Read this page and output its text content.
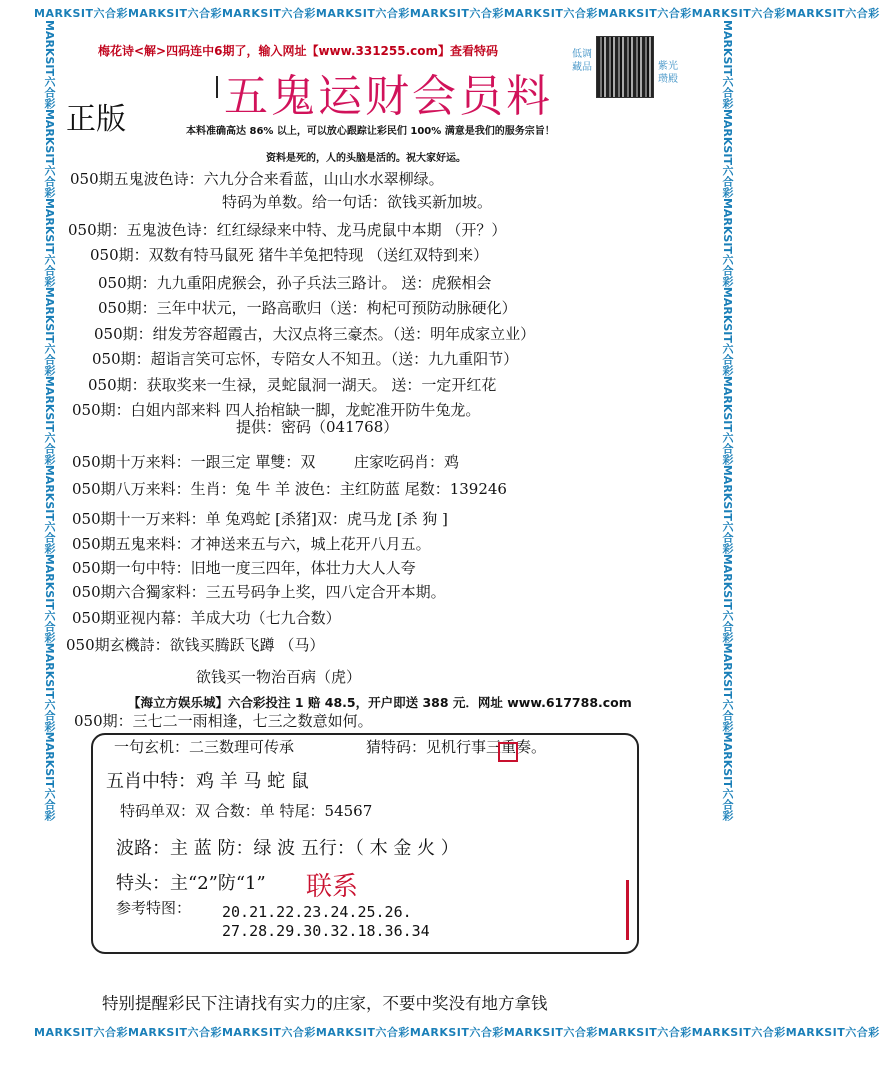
MARKSIT六合彩MARKSIT六合彩MARKSIT六合彩MARKSIT六合彩MARKSIT六合彩MARKSIT六合彩MARKSIT六合彩MARKSIT六合彩MARKSIT六合彩
MARKSIT六合彩MARKSIT六合彩MARKSIT六合彩MARKSIT六合彩MARKSIT六合彩MARKSIT六合彩MARKSIT六合彩MARKSIT六合彩MARKSIT六合彩
MARKSIT六合彩MARKSIT六合彩MARKSIT六合彩MARKSIT六合彩MARKSIT六合彩MARKSIT六合彩MARKSIT六合彩MARKSIT六合彩MARKSIT六合彩	MARKSIT六合彩MARKSIT六合彩MARKSIT六合彩MARKSIT六合彩MARKSIT六合彩MARKSIT六合彩MARKSIT六合彩MARKSIT六合彩MARKSIT六合彩
梅花诗<解>四码连中6期了，输入网址【www.331255.com】查看特码
五鬼运财会员料
正版
低调藏品	紫光瓒殿
本料准确高达 86% 以上，可以放心跟踪让彩民们 100% 满意是我们的服务宗旨！
资料是死的，人的头脑是活的。祝大家好运。
050期五鬼波色诗：六九分合来看蓝，山山水水翠柳绿。
特码为单数。给一句话：欲钱买新加坡。
050期：五鬼波色诗：红红绿绿来中特、龙马虎鼠中本期 （开？）
050期：双数有特马鼠死 猪牛羊兔把特现 （送红双特到来）
050期：九九重阳虎猴会，孙子兵法三路计。 送：虎猴相会
050期：三年中状元，一路高歌归（送：枸杞可预防动脉硬化）
050期：绀发芳容超霞古，大汉点将三豪杰。（送：明年成家立业）
050期：超诣言笑可忘怀，专陪女人不知丑。（送：九九重阳节）
050期：获取奖来一生禄，灵蛇鼠洞一湖天。 送：一定开红花
050期：白姐内部来料 四人抬棺缺一脚，龙蛇准开防牛兔龙。
提供：密码（041768）
050期十万来料：一跟三定 單雙：双	庄家吃码肖：鸡
050期八万来料：生肖：兔 牛 羊 波色：主红防蓝 尾数：139246
050期十一万来料：单 兔鸡蛇 [杀猪]双：虎马龙 [杀 狗 ]
050期五鬼来料：才神送来五与六，城上花开八月五。
050期一句中特：旧地一度三四年，体壮力大人人夸
050期六合獨家料：三五号码争上奖，四八定合开本期。
050期亚视内幕：羊成大功（七九合数）
050期玄機詩：欲钱买腾跃飞蹲 （马）
欲钱买一物治百病（虎）
【海立方娱乐城】六合彩投注 1 赔 48.5，开户即送 388 元．网址 www.617788.com
050期：三七二一雨相逢，七三之数意如何。
一句玄机：二三数理可传承	猜特码：见机行事三重奏。
五肖中特：鸡 羊 马 蛇 鼠
特码单双：双 合数：单 特尾：54567
波路：主 蓝 防：绿 波 五行：（ 木 金 火 ）
特头：主“2”防“1” 联系
参考特图： 20.21.22.23.24.25.26.
27.28.29.30.32.18.36.34
特别提醒彩民下注请找有实力的庄家，不要中奖没有地方拿钱
